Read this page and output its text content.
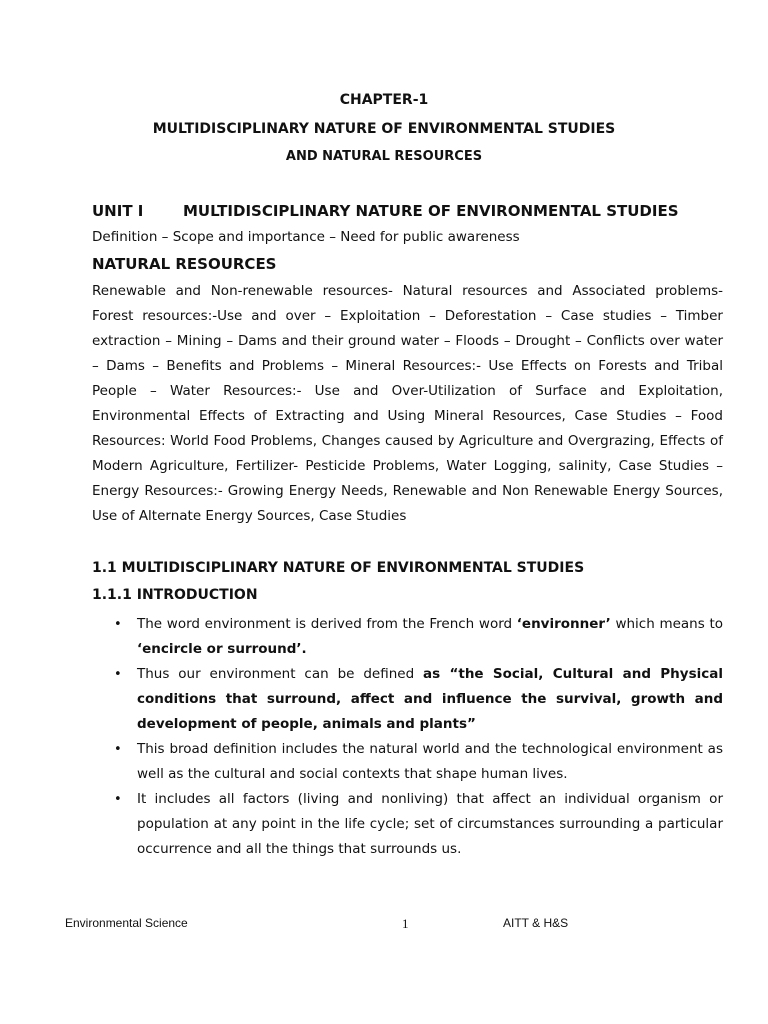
CHAPTER-1
MULTIDISCIPLINARY NATURE OF ENVIRONMENTAL STUDIES
AND NATURAL RESOURCES
UNIT I	MULTIDISCIPLINARY NATURE OF ENVIRONMENTAL STUDIES
Definition – Scope and importance – Need for public awareness
NATURAL RESOURCES
Renewable and Non-renewable resources- Natural resources and Associated problems- Forest resources:-Use and over – Exploitation – Deforestation – Case studies – Timber extraction – Mining – Dams and their ground water – Floods – Drought – Conflicts over water – Dams – Benefits and Problems – Mineral Resources:- Use Effects on Forests and Tribal People – Water Resources:- Use and Over-Utilization of Surface and Exploitation, Environmental Effects of Extracting and Using Mineral Resources, Case Studies – Food Resources: World Food Problems, Changes caused by Agriculture and Overgrazing, Effects of Modern Agriculture, Fertilizer- Pesticide Problems, Water Logging, salinity, Case Studies – Energy Resources:- Growing Energy Needs, Renewable and Non Renewable Energy Sources, Use of Alternate Energy Sources, Case Studies
1.1 MULTIDISCIPLINARY NATURE OF ENVIRONMENTAL STUDIES
1.1.1 INTRODUCTION
• The word environment is derived from the French word ‘environner’ which means to ‘encircle or surround’.
• Thus our environment can be defined as “the Social, Cultural and Physical conditions that surround, affect and influence the survival, growth and development of people, animals and plants”
• This broad definition includes the natural world and the technological environment as well as the cultural and social contexts that shape human lives.
• It includes all factors (living and nonliving) that affect an individual organism or population at any point in the life cycle; set of circumstances surrounding a particular occurrence and all the things that surrounds us.
Environmental Science	1	AITT & H&S
